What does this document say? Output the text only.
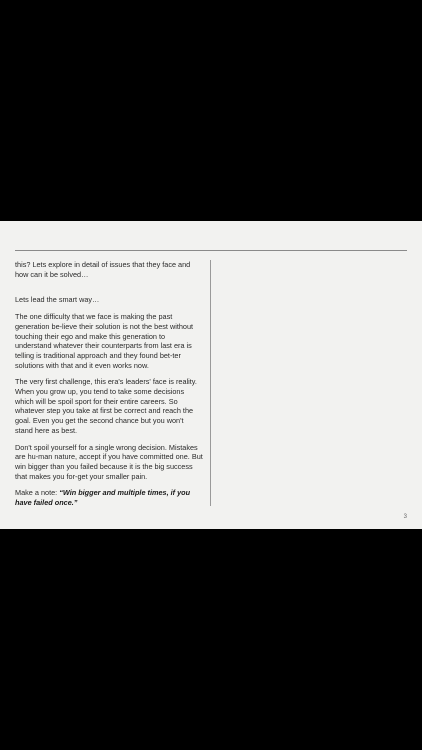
this? Lets explore in detail of issues that they face and how can it be solved…

Lets lead the smart way…

The one difficulty that we face is making the past generation be-lieve their solution is not the best without touching their ego and make this generation to understand whatever their counterparts from last era is telling is traditional approach and they found bet-ter solutions with that and it even works now.

The very first challenge, this era's leaders' face is reality. When you grow up, you tend to take some decisions which will be spoil sport for their entire careers. So whatever step you take at first be correct and reach the goal. Even you get the second chance but you won't stand here as best.

Don't spoil yourself for a single wrong decision. Mistakes are hu-man nature, accept if you have committed one. But win bigger than you failed because it is the big success that makes you for-get your smaller pain.

Make a note: “Win bigger and multiple times, if you have failed once.”

3
